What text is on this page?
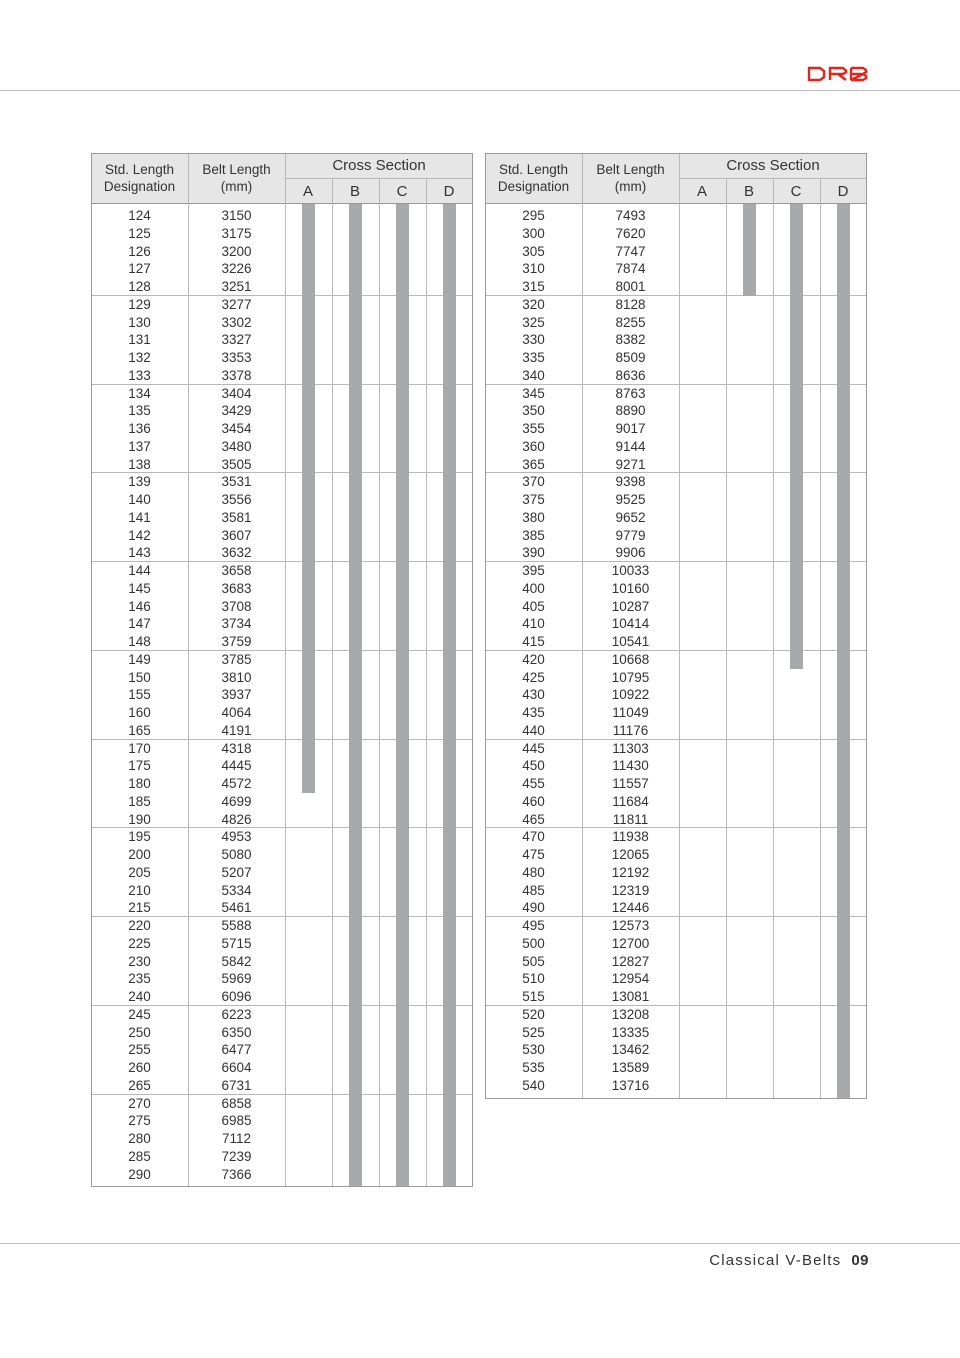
Std. Length
Designation
Belt Length
(mm)
Cross Section
A	B	C	D
124	3150
125	3175
126	3200
127	3226
128	3251
129	3277
130	3302
131	3327
132	3353
133	3378
134	3404
135	3429
136	3454
137	3480
138	3505
139	3531
140	3556
141	3581
142	3607
143	3632
144	3658
145	3683
146	3708
147	3734
148	3759
149	3785
150	3810
155	3937
160	4064
165	4191
170	4318
175	4445
180	4572
185	4699
190	4826
195	4953
200	5080
205	5207
210	5334
215	5461
220	5588
225	5715
230	5842
235	5969
240	6096
245	6223
250	6350
255	6477
260	6604
265	6731
270	6858
275	6985
280	7112
285	7239
290	7366
Std. Length
Designation
Belt Length
(mm)
Cross Section
A	B	C	D
295	7493
300	7620
305	7747
310	7874
315	8001
320	8128
325	8255
330	8382
335	8509
340	8636
345	8763
350	8890
355	9017
360	9144
365	9271
370	9398
375	9525
380	9652
385	9779
390	9906
395	10033
400	10160
405	10287
410	10414
415	10541
420	10668
425	10795
430	10922
435	11049
440	11176
445	11303
450	11430
455	11557
460	11684
465	11811
470	11938
475	12065
480	12192
485	12319
490	12446
495	12573
500	12700
505	12827
510	12954
515	13081
520	13208
525	13335
530	13462
535	13589
540	13716
Classical V-Belts 09
